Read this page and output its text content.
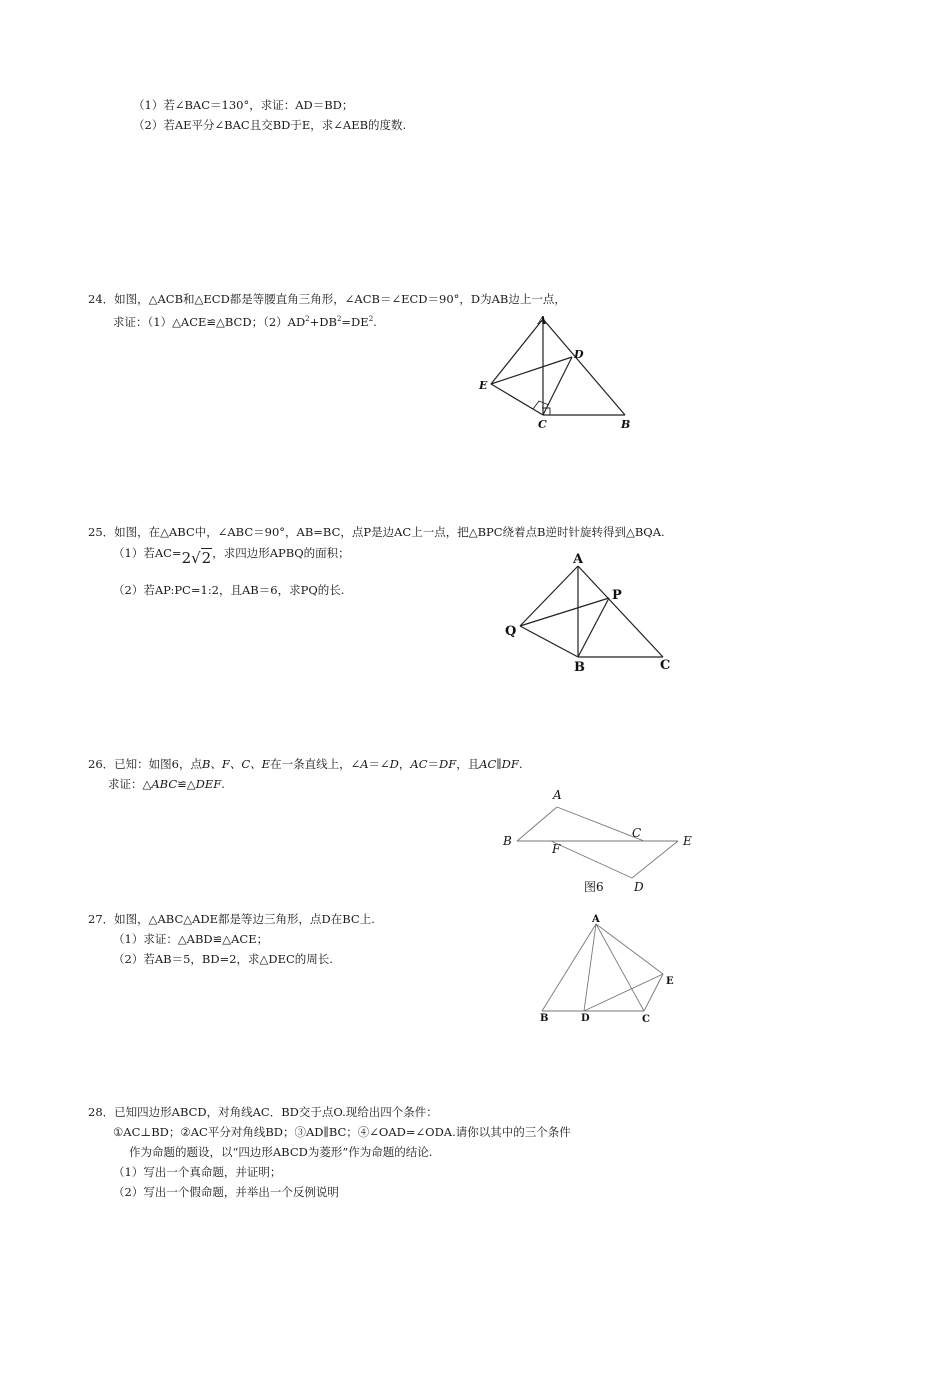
（1）若∠BAC＝130°，求证：AD＝BD；
（2）若AE平分∠BAC且交BD于E，求∠AEB的度数.
24．如图，△ACB和△ECD都是等腰直角三角形，∠ACB＝∠ECD＝90°，D为AB边上一点，
求证：（1）△ACE≌△BCD；$(2)AD^2+DB^2=DE^2$.	A
D
E
C	B
25．如图，在△ABC中，∠ABC＝90°，AB=BC，点P是边AC上一点，把△BPC绕着点B逆时针旋转得到△BQA.
（1）若AC=2√2，求四边形APBQ的面积；
（2）若AP:PC=1:2，且AB＝6，求PQ的长.
A
P
Q
B	C
26．已知：如图6，点B、F、C、E在一条直线上，∠A＝∠D，AC＝DF，且AC∥DF.
求证：△ABC≌△DEF.
A
B
F
C
E
D
图6
27．如图，△ABC△ADE都是等边三角形，点D在BC上.
（1）求证：△ABD≌△ACE；
（2）若AB＝5，BD=2，求△DEC的周长.
A
B	D	C
E
28．已知四边形ABCD，对角线AC．BD交于点O.现给出四个条件：
①AC⊥BD；②AC平分对角线BD；③AD∥BC；④∠OAD=∠ODA.请你以其中的三个条件
作为命题的题设，以“四边形ABCD为菱形”作为命题的结论.
（1）写出一个真命题，并证明；
（2）写出一个假命题，并举出一个反例说明
